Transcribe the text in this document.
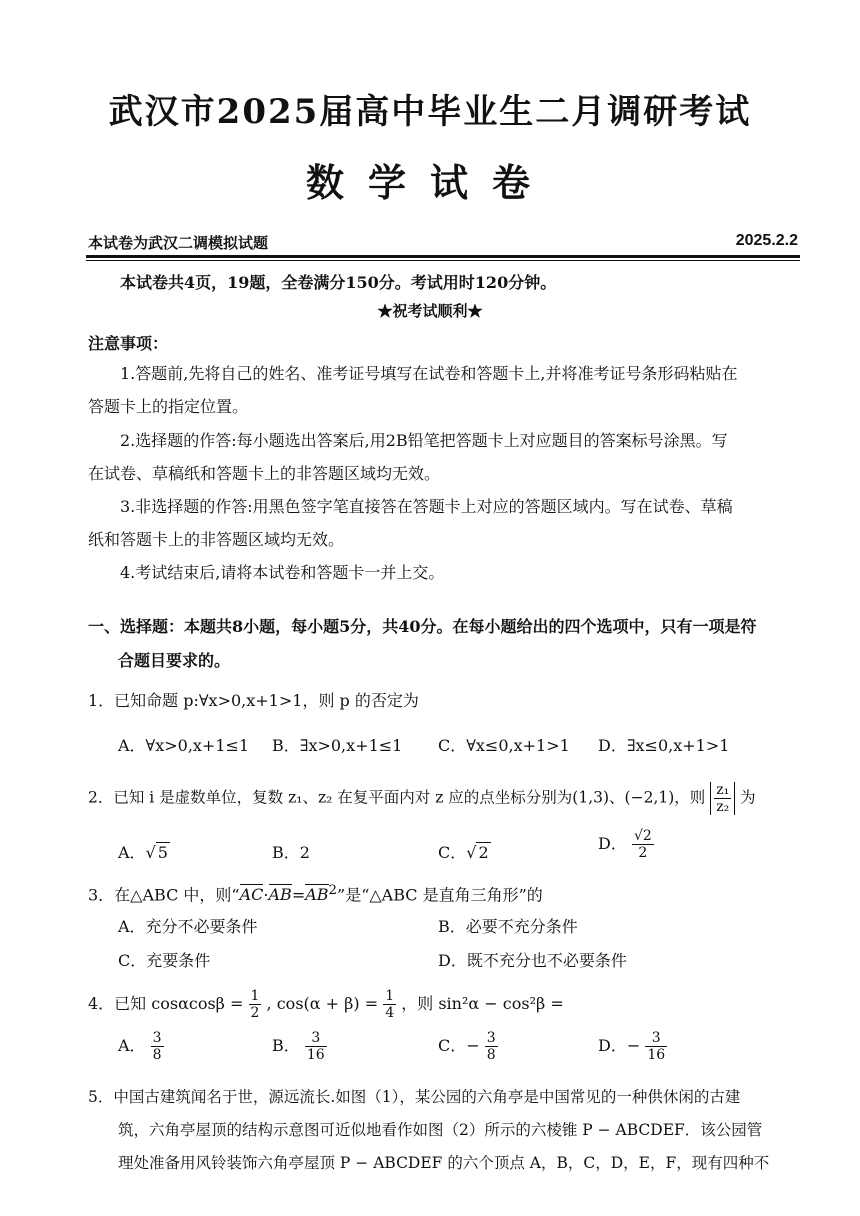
武汉市2025届高中毕业生二月调研考试
数学试卷
本试卷为武汉二调模拟试题	2025.2.2
本试卷共4页，19题，全卷满分150分。考试用时120分钟。
★祝考试顺利★
注意事项：
1.答题前,先将自己的姓名、准考证号填写在试卷和答题卡上,并将准考证号条形码粘贴在
答题卡上的指定位置。
2.选择题的作答:每小题选出答案后,用2B铅笔把答题卡上对应题目的答案标号涂黑。写
在试卷、草稿纸和答题卡上的非答题区域均无效。
3.非选择题的作答:用黑色签字笔直接答在答题卡上对应的答题区域内。写在试卷、草稿
纸和答题卡上的非答题区域均无效。
4.考试结束后,请将本试卷和答题卡一并上交。
一、选择题：本题共8小题，每小题5分，共40分。在每小题给出的四个选项中，只有一项是符
合题目要求的。
1．已知命题 p:∀x>0,x+1>1，则 p 的否定为
A．∀x>0,x+1≤1 B．∃x>0,x+1≤1 C．∀x≤0,x+1>1 D．∃x≤0,x+1>1
2．已知 i 是虚数单位，复数 z₁、z₂ 在复平面内对 z 应的点坐标分别为(1,3)、(−2,1)，则 $\frac{\text{z₁}}{\text{z₂}}$ 为
A．√ 5	B．2	C．√ 2	D． $\frac{√2}{2}$
3．在△ABC 中，则“$AC\cdot AB=AB^2$”是“△ABC 是直角三角形”的
A．充分不必要条件	B．必要不充分条件
C．充要条件	D．既不充分也不必要条件
4．已知 $\cos\alpha\cos\beta = \frac{1}{2}$ , $\cos(\alpha + \beta) = \frac{1}{4}$ ，则 sin²α − cos²β =
A． $\frac{3}{8}$	B． $\frac{3}{16}$	C．− $\frac{3}{8}$	D．− $\frac{3}{16}$
5．中国古建筑闻名于世，源远流长.如图（1），某公园的六角亭是中国常见的一种供休闲的古建
筑，六角亭屋顶的结构示意图可近似地看作如图（2）所示的六棱锥 P − ABCDEF．该公园管
理处准备用风铃装饰六角亭屋顶 P − ABCDEF 的六个顶点 A，B，C，D，E，F，现有四种不
